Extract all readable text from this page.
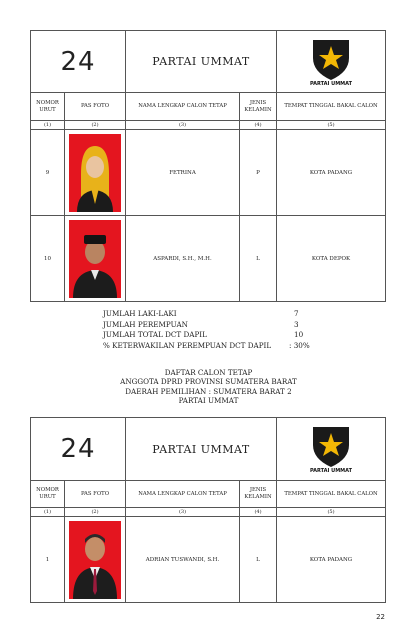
24		PARTAI UMMAT		PARTAI UMMAT

NOMOR URUT	PAS FOTO	NAMA LENGKAP CALON TETAP	JENIS KELAMIN	TEMPAT TINGGAL BAKAL CALON
(1)	(2)	(3)	(4)	(5)
9		FETRINA	P	KOTA PADANG
10		ASPARDI, S.H., M.H.	L	KOTA DEPOK
JUMLAH LAKI-LAKI	7
JUMLAH PEREMPUAN	3
JUMLAH TOTAL DCT DAPIL	10
% KETERWAKILAN PEREMPUAN DCT DAPIL : 30%
DAFTAR CALON TETAP
ANGGOTA DPRD PROVINSI SUMATERA BARAT
DAERAH PEMILIHAN : SUMATERA BARAT 2
PARTAI UMMAT
24		PARTAI UMMAT		PARTAI UMMAT

NOMOR URUT	PAS FOTO	NAMA LENGKAP CALON TETAP	JENIS KELAMIN	TEMPAT TINGGAL BAKAL CALON
(1)	(2)	(3)	(4)	(5)
1		ADRIAN TUSWANDI, S.H.	L	KOTA PADANG
22
